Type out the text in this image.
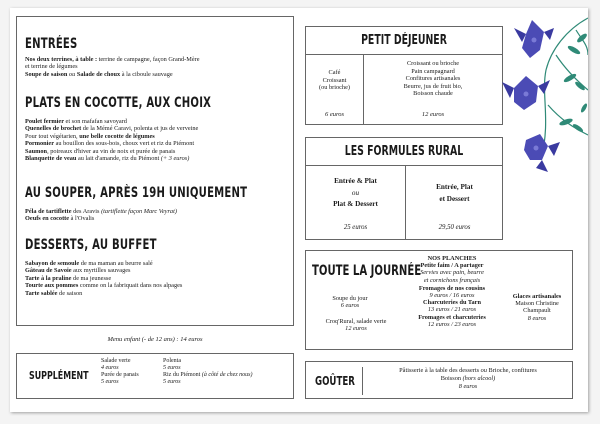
ENTRÉES
Nos deux terrines, à table : terrine de campagne, façon Grand-Mère
et terrine de légumes
Soupe de saison ou Salade de choux à la ciboule sauvage
PLATS EN COCOTTE, AUX CHOIX
Poulet fermier et son mafafan savoyard
Quenelles de brochet de la Mémé Caravi, polenta et jus de verveine
Pour tout végétarien, une belle cocotte de légumes
Pormonier au bouillon des sous-bois, choux vert et riz du Piémont
Saumon, poireaux d'hiver au vin de noix et purée de panais
Blanquette de veau au lait d'amande, riz du Piémont (+ 3 euros)
AU SOUPER, APRÈS 19H UNIQUEMENT
Péla de tartiflette des Aravis (tartiflette façon Marc Veyrat)
Oeufs en cocotte à l'Ovalis
DESSERTS, AU BUFFET
Sabayon de semoule de ma maman au beurre salé
Gâteau de Savoie aux myrtilles sauvages
Tarte à la praline de ma jeunesse
Tourte aux pommes comme on la fabriquait dans nos alpages
Tarte sablée de saison
Menu enfant (- de 12 ans) : 14 euros
SUPPLÉMENT
Salade verte
4 euros
Purée de panais
5 euros
Polenta
5 euros
Riz du Piémont (à côté de chez nous)
5 euros
PETIT DÉJEUNER
Café
Croissant
(ou brioche)
6 euros
Croissant ou brioche
Pain campagnard
Confitures artisanales
Beurre, jus de fruit bio,
Boisson chaude
12 euros
LES FORMULES RURAL
Entrée & Plat
ou
Plat & Dessert
25 euros
Entrée, Plat
et Dessert
29,50 euros
TOUTE LA JOURNÉE
Soupe du jour
6 euros
Croq'Rural, salade verte
12 euros
NOS PLANCHES
Petite faim / A partager
Servies avec pain, beurre
et cornichons français
Fromages de nos cousins
9 euros / 16 euros
Charcuteries du Tarn
13 euros / 21 euros
Fromages et charcuteries
12 euros / 23 euros
Glaces artisanales
Maison Christine
Champault
8 euros
GOÛTER
Pâtisserie à la table des desserts ou Brioche, confitures
Boisson (hors alcool)
8 euros
